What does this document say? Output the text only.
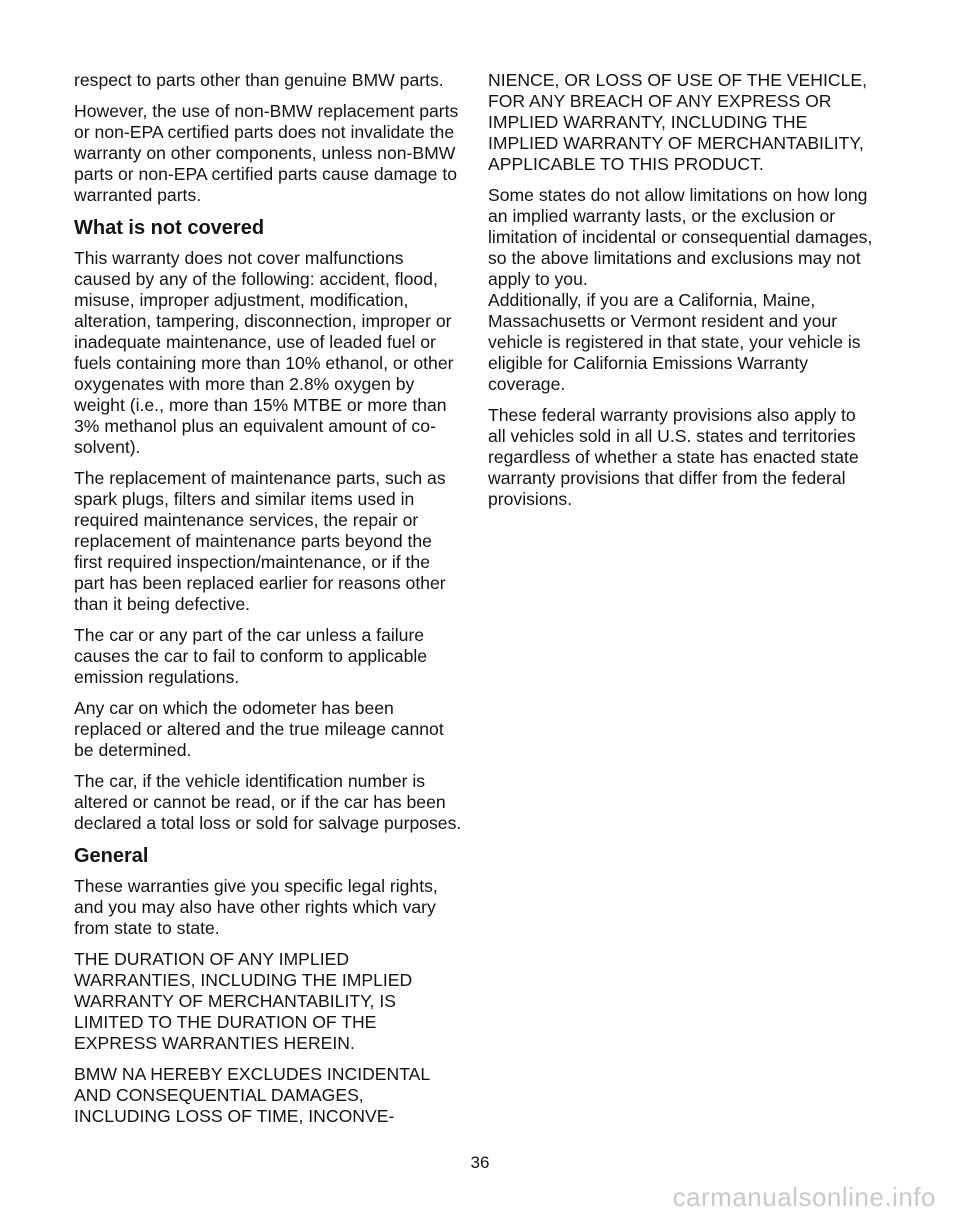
respect to parts other than genuine BMW parts.

However, the use of non-BMW replacement parts or non-EPA certified parts does not invalidate the warranty on other components, unless non-BMW parts or non-EPA certified parts cause damage to warranted parts.

What is not covered

This warranty does not cover malfunctions caused by any of the following: accident, flood, misuse, improper adjustment, modification, alteration, tampering, disconnection, improper or inadequate maintenance, use of leaded fuel or fuels containing more than 10% ethanol, or other oxygenates with more than 2.8% oxygen by weight (i.e., more than 15% MTBE or more than 3% methanol plus an equivalent amount of co-solvent).

The replacement of maintenance parts, such as spark plugs, filters and similar items used in required maintenance services, the repair or replacement of maintenance parts beyond the first required inspection/maintenance, or if the part has been replaced earlier for reasons other than it being defective.

The car or any part of the car unless a failure causes the car to fail to conform to applicable emission regulations.

Any car on which the odometer has been replaced or altered and the true mileage cannot be determined.

The car, if the vehicle identification number is altered or cannot be read, or if the car has been declared a total loss or sold for salvage purposes.

General

These warranties give you specific legal rights, and you may also have other rights which vary from state to state.

THE DURATION OF ANY IMPLIED WARRANTIES, INCLUDING THE IMPLIED WARRANTY OF MERCHANTABILITY, IS LIMITED TO THE DURATION OF THE EXPRESS WARRANTIES HEREIN.

BMW NA HEREBY EXCLUDES INCIDENTAL AND CONSEQUENTIAL DAMAGES, INCLUDING LOSS OF TIME, INCONVE-

NIENCE, OR LOSS OF USE OF THE VEHICLE, FOR ANY BREACH OF ANY EXPRESS OR IMPLIED WARRANTY, INCLUDING THE IMPLIED WARRANTY OF MERCHANTABILITY, APPLICABLE TO THIS PRODUCT.

Some states do not allow limitations on how long an implied warranty lasts, or the exclusion or limitation of incidental or consequential damages, so the above limitations and exclusions may not apply to you.

Additionally, if you are a California, Maine, Massachusetts or Vermont resident and your vehicle is registered in that state, your vehicle is eligible for California Emissions Warranty coverage.

These federal warranty provisions also apply to all vehicles sold in all U.S. states and territories regardless of whether a state has enacted state warranty provisions that differ from the federal provisions.

36
carmanualsonline.info
